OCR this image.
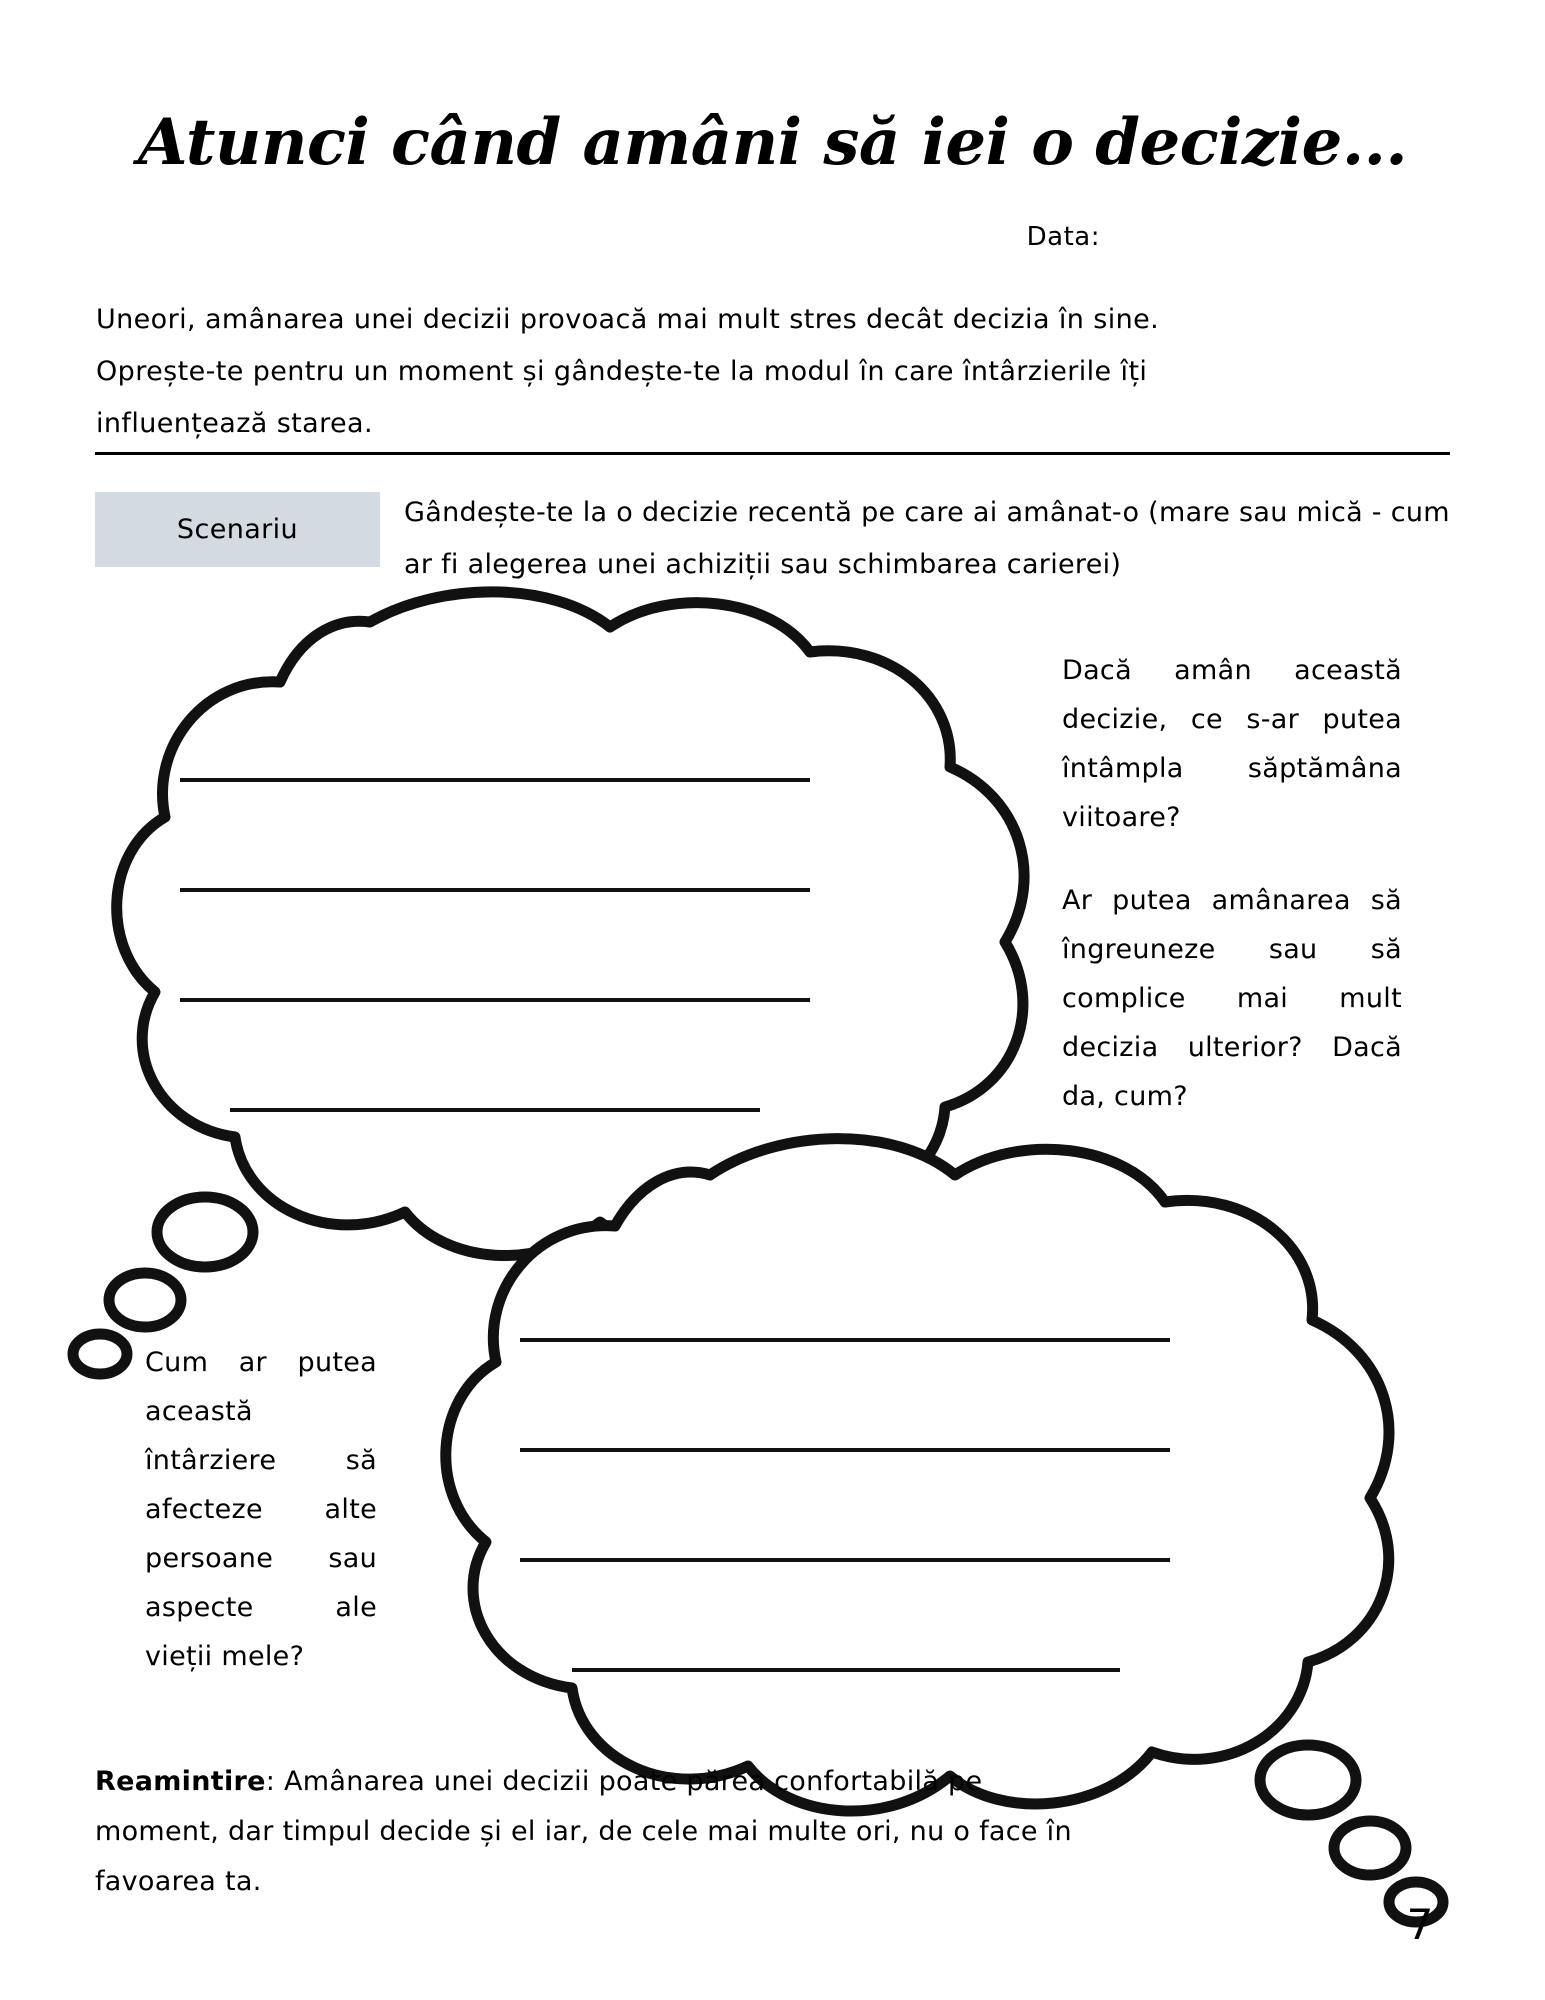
Atunci când amâni să iei o decizie...
Data:
Uneori, amânarea unei decizii provoacă mai mult stres decât decizia în sine.
Oprește-te pentru un moment și gândește-te la modul în care întârzierile îți
influențează starea.
Scenariu
Gândește-te la o decizie recentă pe care ai amânat-o (mare sau mică - cum ar fi alegerea unei achiziții sau schimbarea carierei)

Dacă amân această decizie, ce s-ar putea întâmpla săptămâna viitoare?

Ar putea amânarea să îngreuneze sau să complice mai mult decizia ulterior? Dacă da, cum?

Cum ar putea această întârziere să afecteze alte persoane sau aspecte ale vieții mele?

Reamintire: Amânarea unei decizii poate părea confortabilă pe
moment, dar timpul decide și el iar, de cele mai multe ori, nu o face în
favoarea ta.
7
